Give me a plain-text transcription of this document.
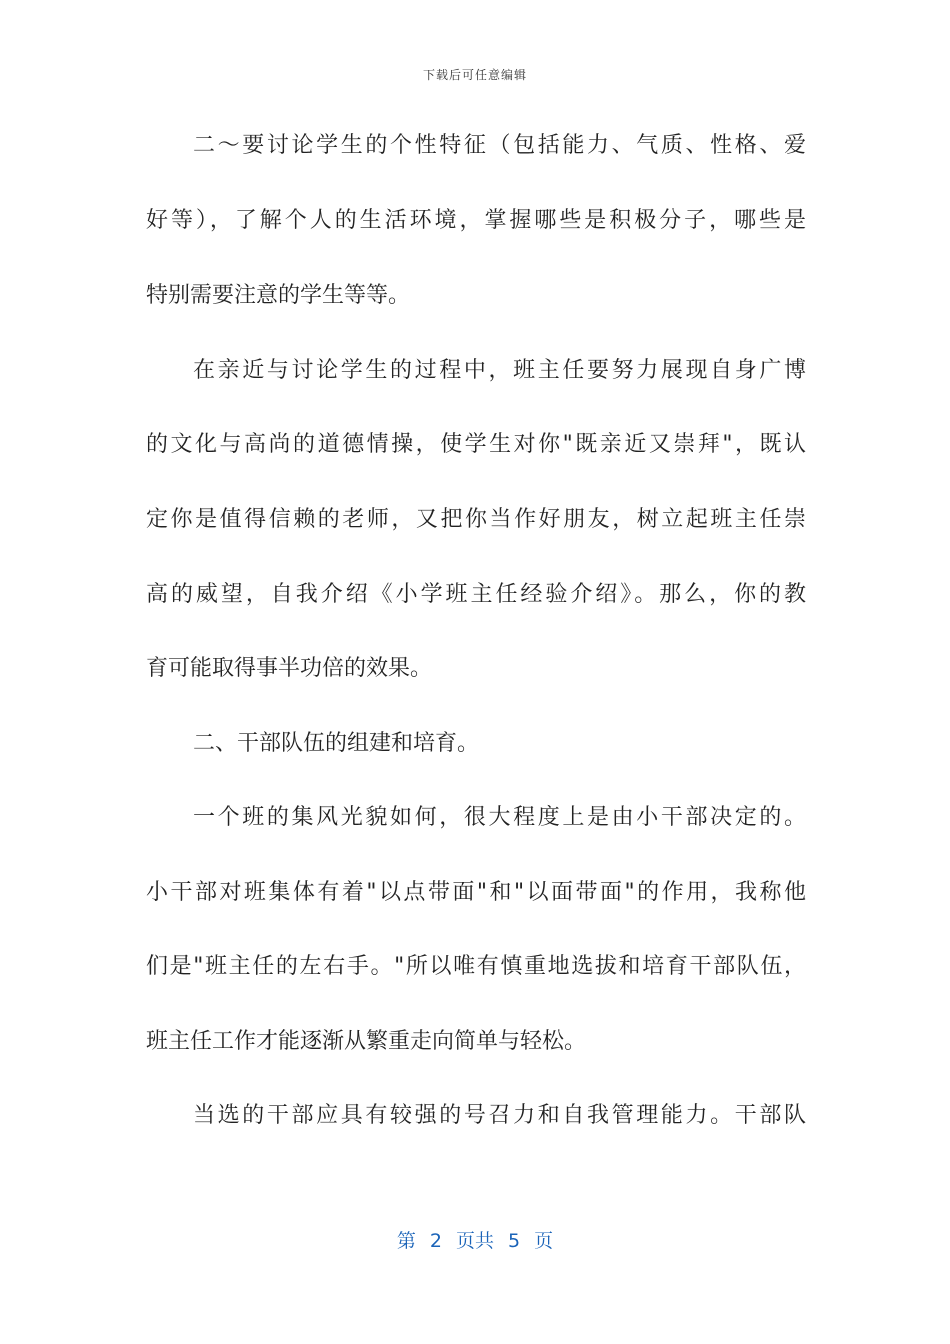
下载后可任意编辑
二～要讨论学生的个性特征（包括能力、气质、性格、爱
好等），了解个人的生活环境，掌握哪些是积极分子，哪些是
特别需要注意的学生等等。
在亲近与讨论学生的过程中，班主任要努力展现自身广博
的文化与高尚的道德情操，使学生对你"既亲近又崇拜"，既认
定你是值得信赖的老师，又把你当作好朋友，树立起班主任崇
高的威望，自我介绍《小学班主任经验介绍》。那么，你的教
育可能取得事半功倍的效果。
二、干部队伍的组建和培育。
一个班的集风光貌如何，很大程度上是由小干部决定的。
小干部对班集体有着"以点带面"和"以面带面"的作用，我称他
们是"班主任的左右手。"所以唯有慎重地选拔和培育干部队伍，
班主任工作才能逐渐从繁重走向简单与轻松。
当选的干部应具有较强的号召力和自我管理能力。干部队
第 2 页共 5 页
